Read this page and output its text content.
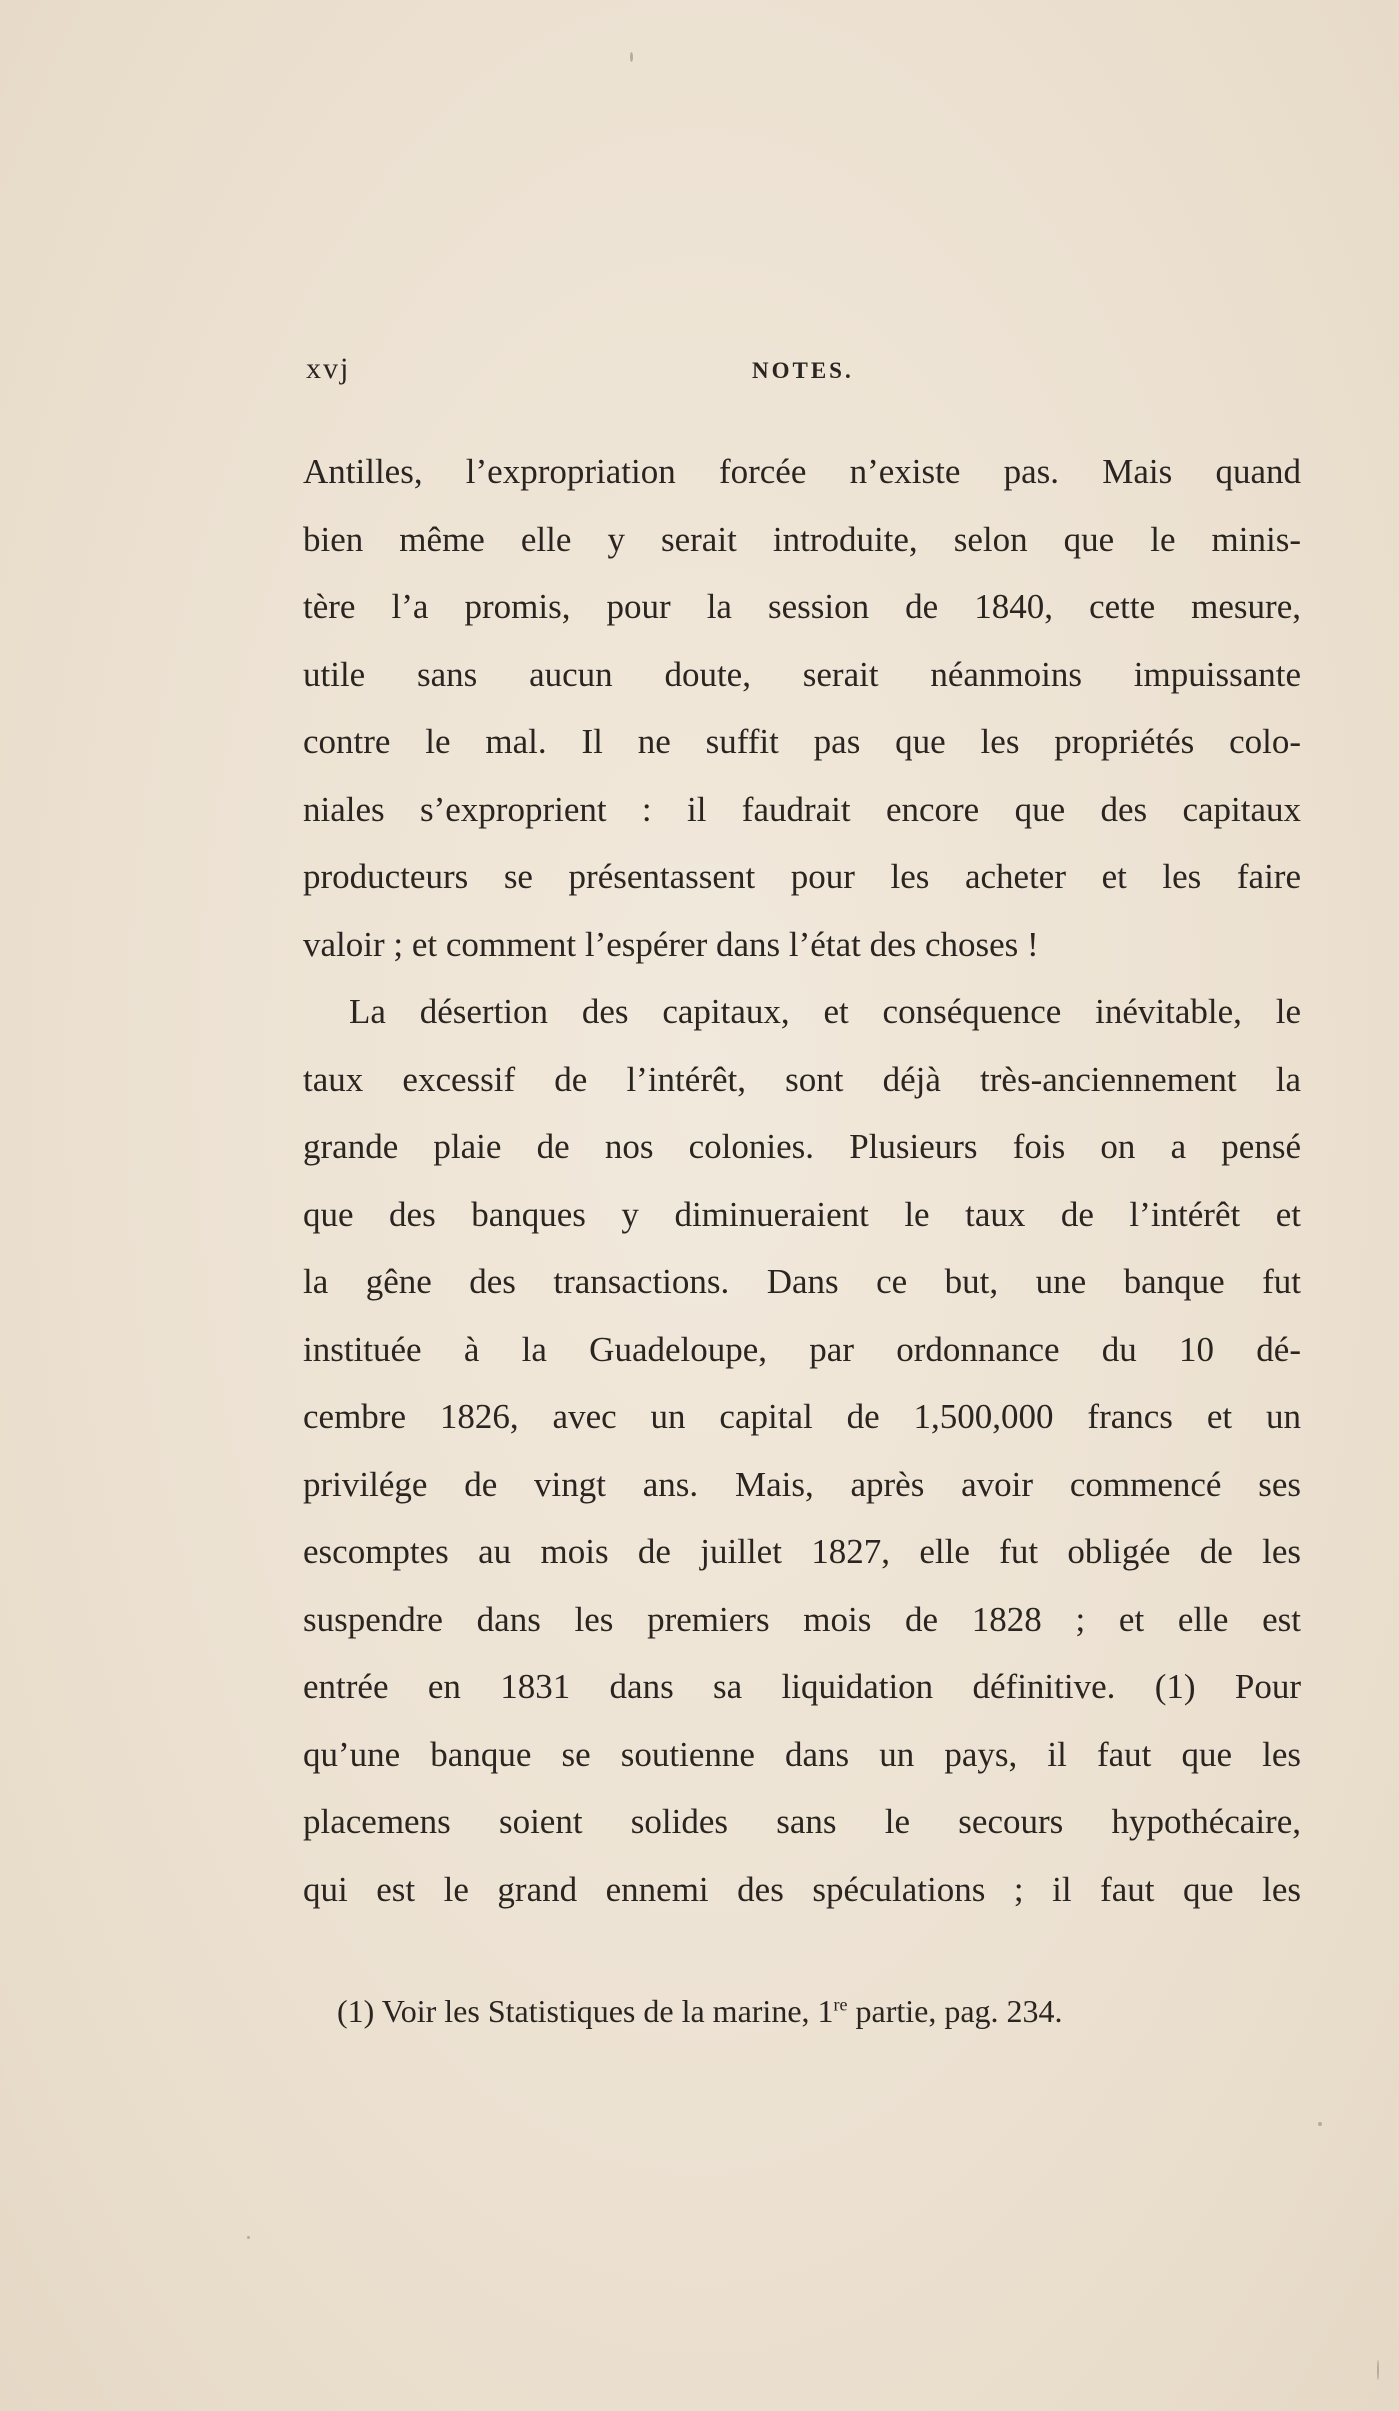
xvj	NOTES.
Antilles, l’expropriation forcée n’existe pas. Mais quand
bien même elle y serait introduite, selon que le minis-
tère l’a promis, pour la session de 1840, cette mesure,
utile sans aucun doute, serait néanmoins impuissante
contre le mal. Il ne suffit pas que les propriétés colo-
niales s’exproprient : il faudrait encore que des capitaux
producteurs se présentassent pour les acheter et les faire
valoir ; et comment l’espérer dans l’état des choses !
La désertion des capitaux, et conséquence inévitable, le
taux excessif de l’intérêt, sont déjà très-anciennement la
grande plaie de nos colonies. Plusieurs fois on a pensé
que des banques y diminueraient le taux de l’intérêt et
la gêne des transactions. Dans ce but, une banque fut
instituée à la Guadeloupe, par ordonnance du 10 dé-
cembre 1826, avec un capital de 1,500,000 francs et un
privilége de vingt ans. Mais, après avoir commencé ses
escomptes au mois de juillet 1827, elle fut obligée de les
suspendre dans les premiers mois de 1828 ; et elle est
entrée en 1831 dans sa liquidation définitive. (1) Pour
qu’une banque se soutienne dans un pays, il faut que les
placemens soient solides sans le secours hypothécaire,
qui est le grand ennemi des spéculations ; il faut que les
(1) Voir les Statistiques de la marine, 1re partie, pag. 234.
